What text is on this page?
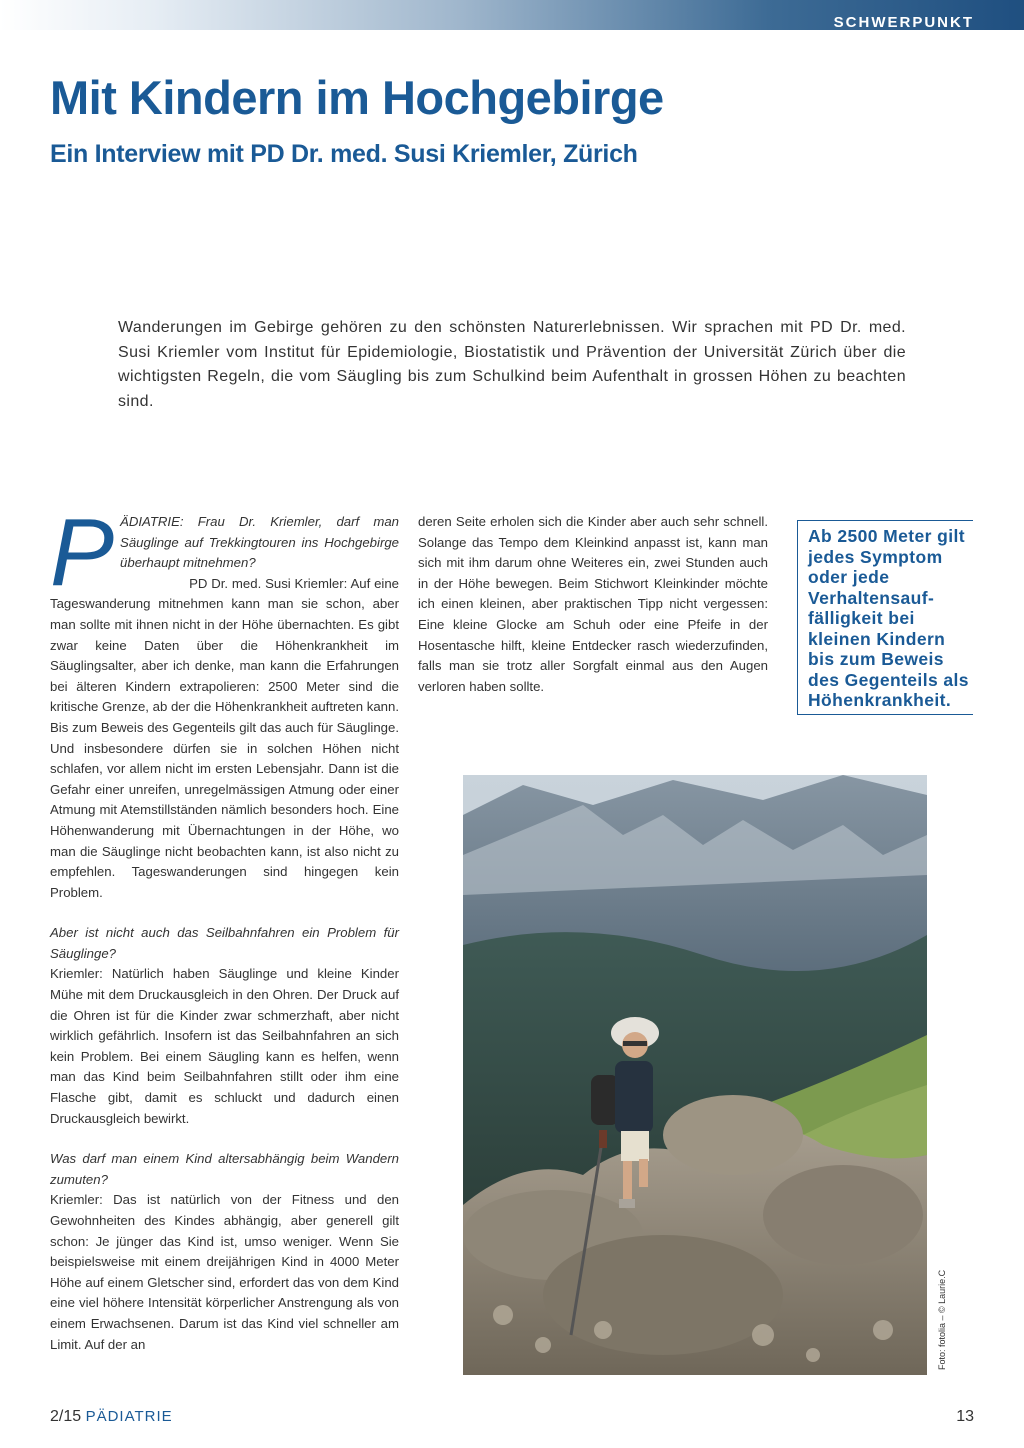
SCHWERPUNKT
Mit Kindern im Hochgebirge
Ein Interview mit PD Dr. med. Susi Kriemler, Zürich

Wanderungen im Gebirge gehören zu den schönsten Naturerlebnissen. Wir sprachen mit PD Dr. med. Susi Kriemler vom Institut für Epidemiologie, Biostatistik und Prävention der Universität Zürich über die wichtigsten Regeln, die vom Säugling bis zum Schulkind beim Aufenthalt in grossen Höhen zu beachten sind.

P ÄDIATRIE: Frau Dr. Kriemler, darf man Säuglinge auf Trekkingtouren ins Hochgebirge überhaupt mitnehmen?

PD Dr. med. Susi Kriemler: Auf eine Tageswanderung mitnehmen kann man sie schon, aber man sollte mit ihnen nicht in der Höhe übernachten. Es gibt zwar keine Daten über die Höhenkrankheit im Säuglingsalter, aber ich denke, man kann die Erfahrungen bei älteren Kindern extrapolieren: 2500 Meter sind die kritische Grenze, ab der die Höhenkrankheit auftreten kann. Bis zum Beweis des Gegenteils gilt das auch für Säuglinge. Und insbesondere dürfen sie in solchen Höhen nicht schlafen, vor allem nicht im ersten Lebensjahr. Dann ist die Gefahr einer unreifen, unregelmässigen Atmung oder einer Atmung mit Atemstillständen nämlich besonders hoch. Eine Höhenwanderung mit Übernachtungen in der Höhe, wo man die Säuglinge nicht beobachten kann, ist also nicht zu empfehlen. Tageswanderungen sind hingegen kein Problem.

Aber ist nicht auch das Seilbahnfahren ein Problem für Säuglinge?

Kriemler: Natürlich haben Säuglinge und kleine Kinder Mühe mit dem Druckausgleich in den Ohren. Der Druck auf die Ohren ist für die Kinder zwar schmerzhaft, aber nicht wirklich gefährlich. Insofern ist das Seilbahnfahren an sich kein Problem. Bei einem Säugling kann es helfen, wenn man das Kind beim Seilbahnfahren stillt oder ihm eine Flasche gibt, damit es schluckt und dadurch einen Druckausgleich bewirkt.

Was darf man einem Kind altersabhängig beim Wandern zumuten?

Kriemler: Das ist natürlich von der Fitness und den Gewohnheiten des Kindes abhängig, aber generell gilt schon: Je jünger das Kind ist, umso weniger. Wenn Sie beispielsweise mit einem dreijährigen Kind in 4000 Meter Höhe auf einem Gletscher sind, erfordert das von dem Kind eine viel höhere Intensität körperlicher Anstrengung als von einem Erwachsenen. Darum ist das Kind viel schneller am Limit. Auf der an

deren Seite erholen sich die Kinder aber auch sehr schnell. Solange das Tempo dem Kleinkind anpasst ist, kann man sich mit ihm darum ohne Weiteres ein, zwei Stunden auch in der Höhe bewegen. Beim Stichwort Kleinkinder möchte ich einen kleinen, aber praktischen Tipp nicht vergessen: Eine kleine Glocke am Schuh oder eine Pfeife in der Hosentasche hilft, kleine Entdecker rasch wiederzufinden, falls man sie trotz aller Sorgfalt einmal aus den Augen verloren haben sollte.

Ab 2500 Meter gilt jedes Symptom oder jede Verhaltensauffälligkeit bei kleinen Kindern bis zum Beweis des Gegenteils als Höhenkrankheit.
Foto: fotolia – © Laurie.C
2/15 PÄDIATRIE	13
